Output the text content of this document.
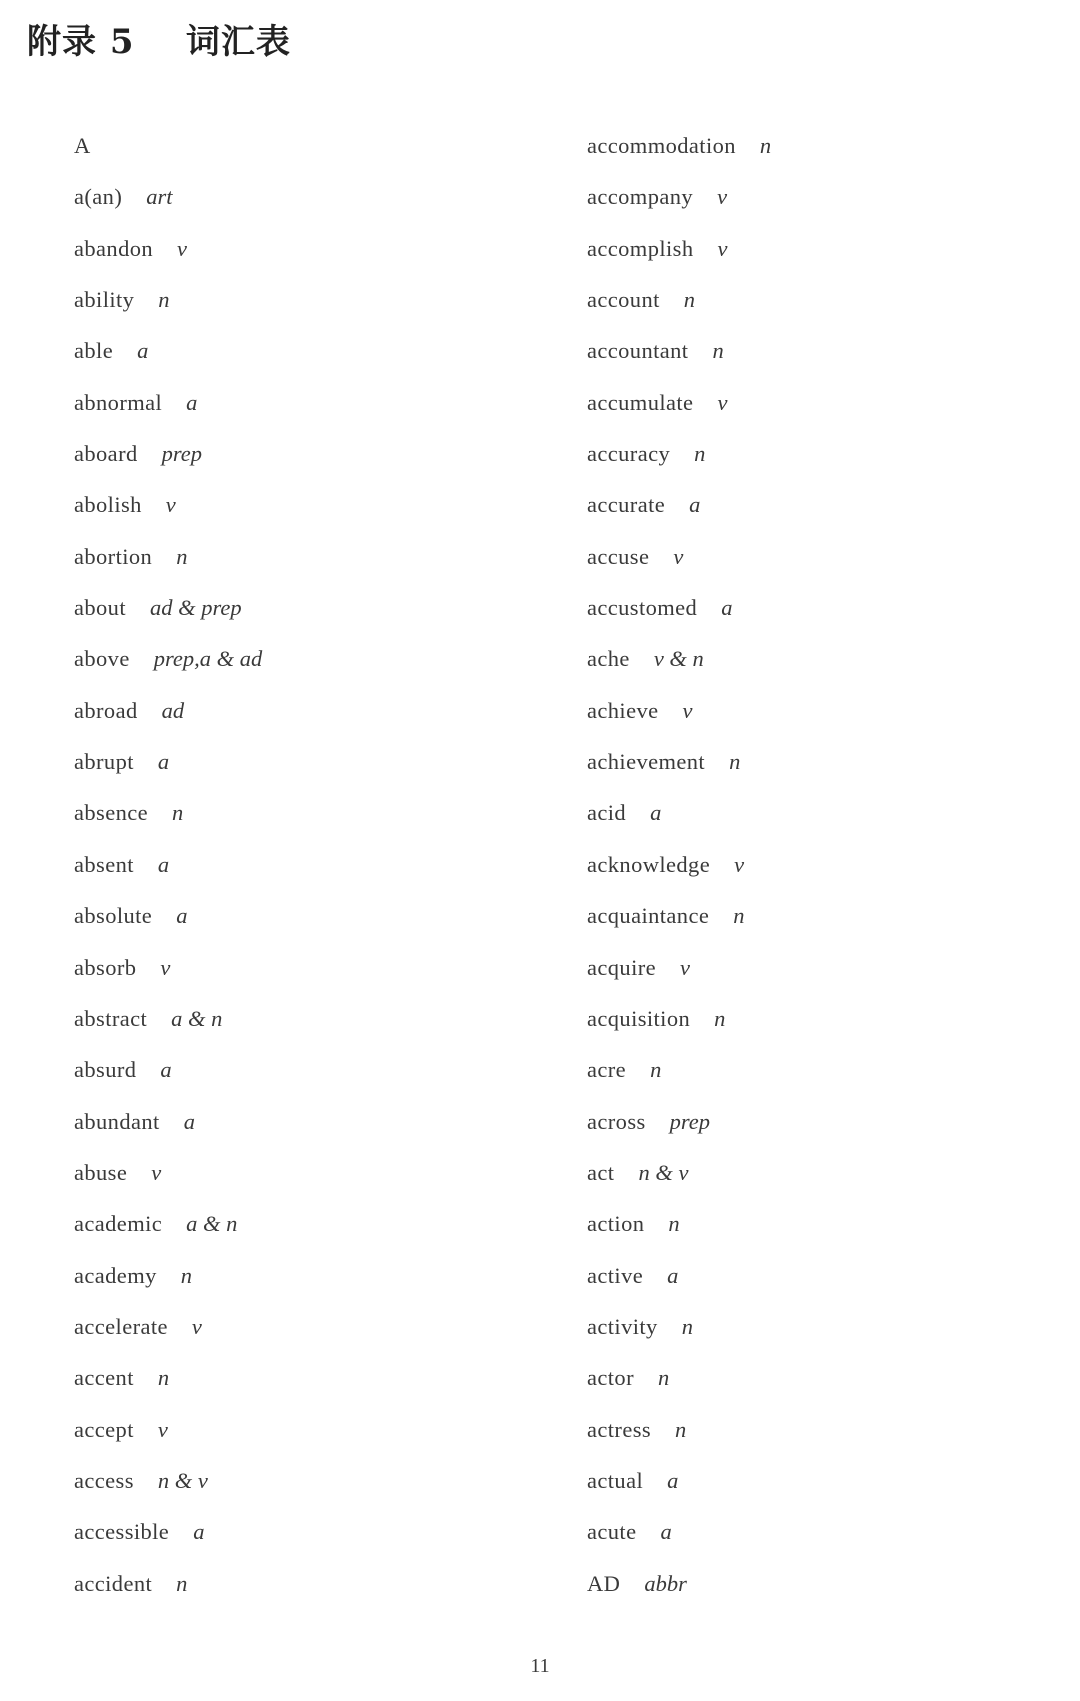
附录 5    词汇表
A
a(an) art
abandon v
ability n
able a
abnormal a
aboard prep
abolish v
abortion n
about ad & prep
above prep,a & ad
abroad ad
abrupt a
absence n
absent a
absolute a
absorb v
abstract a & n
absurd a
abundant a
abuse v
academic a & n
academy n
accelerate v
accent n
accept v
access n & v
accessible a
accident n
accommodation n
accompany v
accomplish v
account n
accountant n
accumulate v
accuracy n
accurate a
accuse v
accustomed a
ache v & n
achieve v
achievement n
acid a
acknowledge v
acquaintance n
acquire v
acquisition n
acre n
across prep
act n & v
action n
active a
activity n
actor n
actress n
actual a
acute a
AD abbr
11
